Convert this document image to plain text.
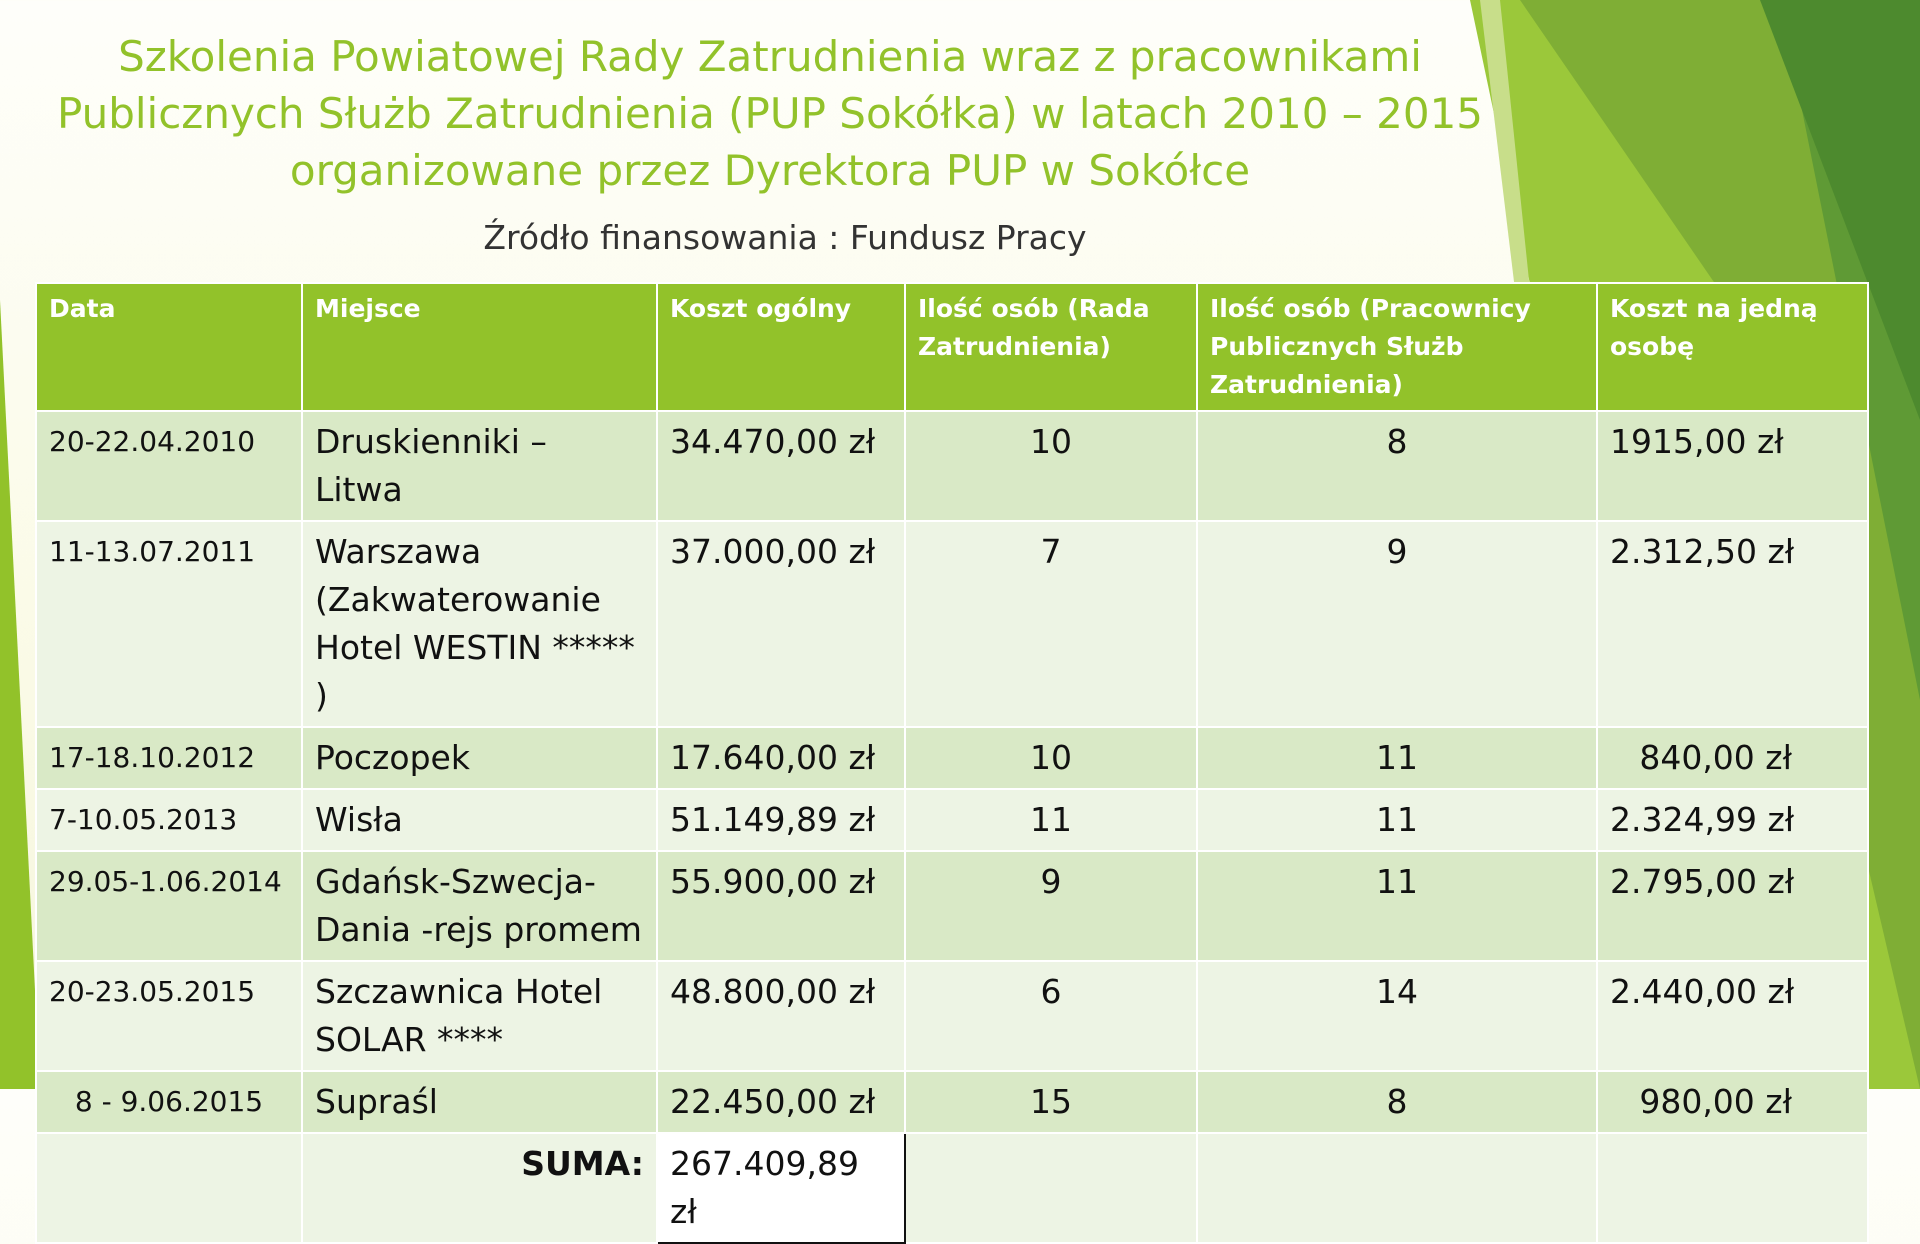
Szkolenia Powiatowej Rady Zatrudnienia wraz z pracownikami
Publicznych Służb Zatrudnienia (PUP Sokółka) w latach 2010 – 2015
organizowane przez Dyrektora PUP w Sokółce
Źródło finansowania : Fundusz Pracy
Data	Miejsce	Koszt ogólny	Ilość osób (Rada Zatrudnienia)	Ilość osób (Pracownicy Publicznych Służb Zatrudnienia)	Koszt na jedną osobę
20-22.04.2010	Druskienniki – Litwa	34.470,00 zł	10	8	1915,00 zł
11-13.07.2011	Warszawa (Zakwaterowanie Hotel WESTIN ***** )	37.000,00 zł	7	9	2.312,50 zł
17-18.10.2012	Poczopek	17.640,00 zł	10	11	840,00 zł
7-10.05.2013	Wisła	51.149,89 zł	11	11	2.324,99 zł
29.05-1.06.2014	Gdańsk-Szwecja-Dania -rejs promem	55.900,00 zł	9	11	2.795,00 zł
20-23.05.2015	Szczawnica Hotel SOLAR ****	48.800,00 zł	6	14	2.440,00 zł
8 - 9.06.2015	Supraśl	22.450,00 zł	15	8	980,00 zł
	SUMA:	267.409,89 zł			
